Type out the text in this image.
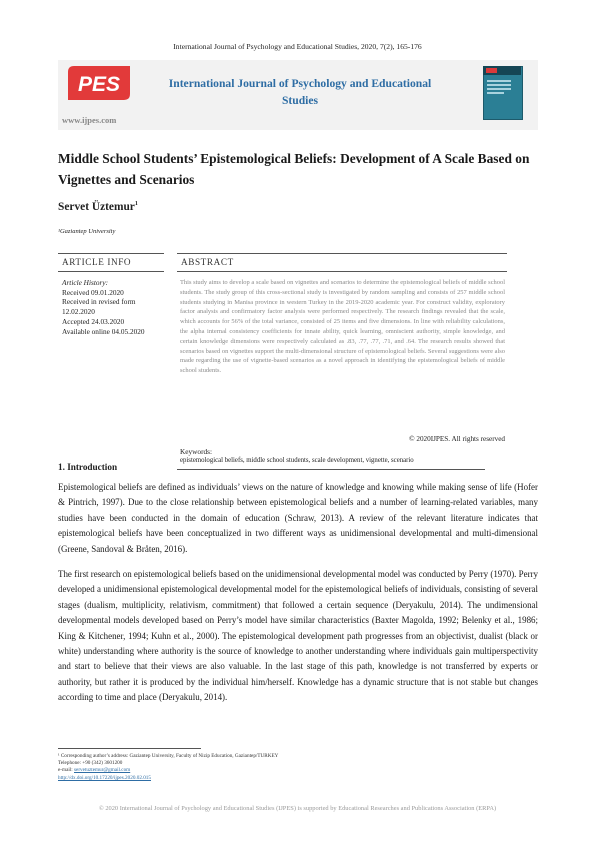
International Journal of Psychology and Educational Studies, 2020, 7(2), 165-176
PES
www.ijpes.com
International Journal of Psychology and Educational Studies
Middle School Students’ Epistemological Beliefs: Development of A Scale Based on Vignettes and Scenarios
Servet Üztemur$^1$
¹Gaziantep University
ARTICLE INFO	ABSTRACT
Article History:
Received 09.01.2020
Received in revised form 12.02.2020
Accepted 24.03.2020
Available online 04.05.2020
This study aims to develop a scale based on vignettes and scenarios to determine the epistemological beliefs of middle school students. The study group of this cross-sectional study is investigated by random sampling and consists of 257 middle school students studying in Manisa province in western Turkey in the 2019-2020 academic year. For construct validity, exploratory factor analysis and confirmatory factor analysis were performed respectively. The research findings revealed that the scale, which accounts for 56% of the total variance, consisted of 25 items and five dimensions. In line with reliability calculations, the alpha internal consistency coefficients for innate ability, quick learning, omniscient authority, simple knowledge, and certain knowledge dimensions were respectively calculated as .83, .77, .77, .71, and .64. The research results showed that scenarios based on vignettes support the multi-dimensional structure of epistemological beliefs. Several suggestions were also made regarding the use of vignette-based scenarios as a novel approach in identifying the epistemological beliefs of middle school students.
© 2020IJPES. All rights reserved
Keywords:
epistemological beliefs, middle school students, scale development, vignette, scenario
1. Introduction
Epistemological beliefs are defined as individuals’ views on the nature of knowledge and knowing while making sense of life (Hofer & Pintrich, 1997). Due to the close relationship between epistemological beliefs and a number of learning-related variables, many studies have been conducted in the domain of education (Schraw, 2013). A review of the relevant literature indicates that epistemological beliefs have been conceptualized in two different ways as unidimensional developmental and multi-dimensional (Greene, Sandoval & Bråten, 2016).
The first research on epistemological beliefs based on the unidimensional developmental model was conducted by Perry (1970). Perry developed a unidimensional epistemological developmental model for the epistemological beliefs of individuals, consisting of several stages (dualism, multiplicity, relativism, commitment) that followed a certain sequence (Deryakulu, 2014). The undimensional developmental models developed based on Perry’s model have similar characteristics (Baxter Magolda, 1992; Belenky et al., 1986; King & Kitchener, 1994; Kuhn et al., 2000). The epistemological development path progresses from an objectivist, dualist (black or white) understanding where authority is the source of knowledge to another understanding where individuals gain multiperspectivity and start to believe that their views are also valuable. In the last stage of this path, knowledge is not transferred by experts or authority, but rather it is produced by the individual him/herself. Knowledge has a dynamic structure that is not stable but changes according to time and place (Deryakulu, 2014).
¹ Corresponding author’s address: Gaziantep University, Faculty of Nizip Education, Gaziantep/TURKEY
Telephone: +90 (342) 3601200
e-mail: servetuztemur@gmail.com
http://dx.doi.org/10.17220/ijpes.2020.02.015
© 2020 International Journal of Psychology and Educational Studies (IJPES) is supported by Educational Researches and Publications Association (ERPA)
